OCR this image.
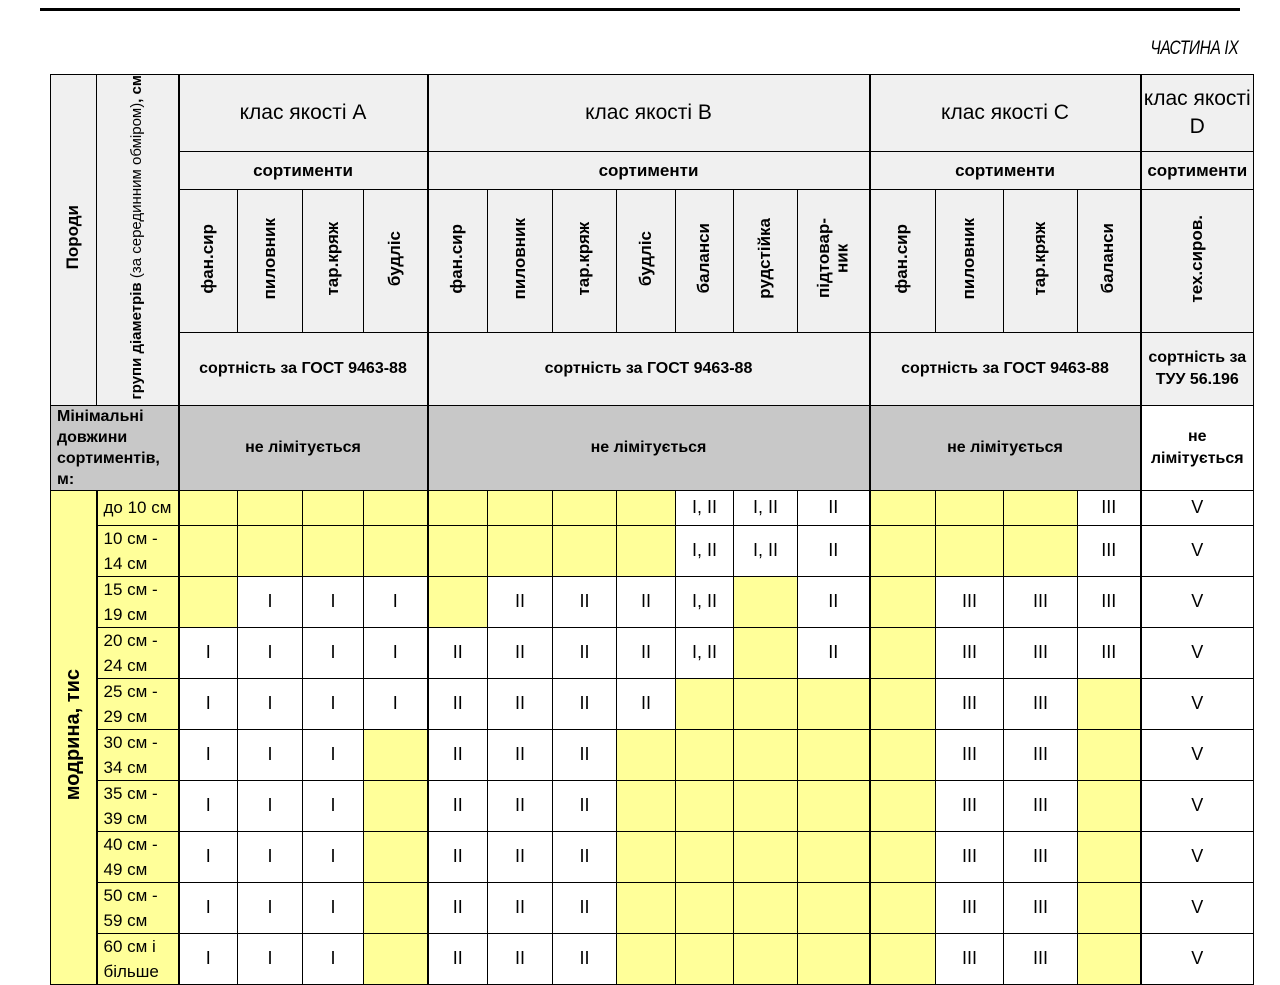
ЧАСТИНА IX
Породи	групи діаметрів (за серединним обміром), см	клас якості A				клас якості B							клас якості C				клас якості D
		сортименти				сортименти							сортименти				сортименти
		фан.сир	пиловник	тар.кряж	будліс	фан.сир	пиловник	тар.кряж	будліс	баланси	рудстійка	підтовар-ник	фан.сир	пиловник	тар.кряж	баланси	тех.сиров.
		сортність за ГОСТ 9463-88				сортність за ГОСТ 9463-88							сортність за ГОСТ 9463-88				сортність за ТУУ 56.196
Мінімальні довжини сортиментів, м:		не лімітується				не лімітується							не лімітується				не лімітується
модрина, тис	до 10 см									I, II	I, II	II				III	V
	10 см - 14 см									I, II	I, II	II				III	V
	15 см - 19 см		I	I	I		II	II	II	I, II		II		III	III	III	V
	20 см - 24 см	I	I	I	I	II	II	II	II	I, II		II		III	III	III	V
	25 см - 29 см	I	I	I	I	II	II	II	II					III	III		V
	30 см - 34 см	I	I	I		II	II	II						III	III		V
	35 см - 39 см	I	I	I		II	II	II						III	III		V
	40 см - 49 см	I	I	I		II	II	II						III	III		V
	50 см - 59 см	I	I	I		II	II	II						III	III		V
	60 см і більше	I	I	I		II	II	II						III	III		V
